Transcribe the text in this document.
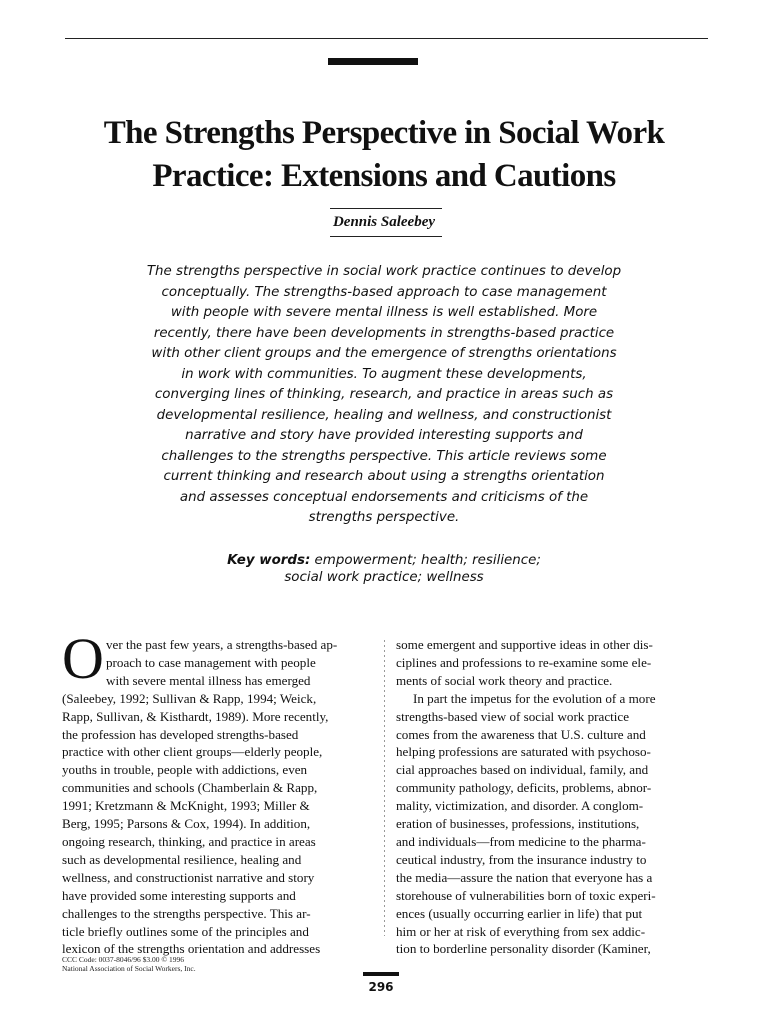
The Strengths Perspective in Social Work
Practice: Extensions and Cautions
Dennis Saleebey
The strengths perspective in social work practice continues to develop
conceptually. The strengths-based approach to case management
with people with severe mental illness is well established. More
recently, there have been developments in strengths-based practice
with other client groups and the emergence of strengths orientations
in work with communities. To augment these developments,
converging lines of thinking, research, and practice in areas such as
developmental resilience, healing and wellness, and constructionist
narrative and story have provided interesting supports and
challenges to the strengths perspective. This article reviews some
current thinking and research about using a strengths orientation
and assesses conceptual endorsements and criticisms of the
strengths perspective.
Key words: empowerment; health; resilience;
social work practice; wellness
O ver the past few years, a strengths-based ap-
proach to case management with people
with severe mental illness has emerged
(Saleebey, 1992; Sullivan & Rapp, 1994; Weick,
Rapp, Sullivan, & Kisthardt, 1989). More recently,
the profession has developed strengths-based
practice with other client groups—elderly people,
youths in trouble, people with addictions, even
communities and schools (Chamberlain & Rapp,
1991; Kretzmann & McKnight, 1993; Miller &
Berg, 1995; Parsons & Cox, 1994). In addition,
ongoing research, thinking, and practice in areas
such as developmental resilience, healing and
wellness, and constructionist narrative and story
have provided some interesting supports and
challenges to the strengths perspective. This ar-
ticle briefly outlines some of the principles and
lexicon of the strengths orientation and addresses
some emergent and supportive ideas in other dis-
ciplines and professions to re-examine some ele-
ments of social work theory and practice.
In part the impetus for the evolution of a more
strengths-based view of social work practice
comes from the awareness that U.S. culture and
helping professions are saturated with psychoso-
cial approaches based on individual, family, and
community pathology, deficits, problems, abnor-
mality, victimization, and disorder. A conglom-
eration of businesses, professions, institutions,
and individuals—from medicine to the pharma-
ceutical industry, from the insurance industry to
the media—assure the nation that everyone has a
storehouse of vulnerabilities born of toxic experi-
ences (usually occurring earlier in life) that put
him or her at risk of everything from sex addic-
tion to borderline personality disorder (Kaminer,
CCC Code: 0037-8046/96 $3.00 © 1996
National Association of Social Workers, Inc.
296
